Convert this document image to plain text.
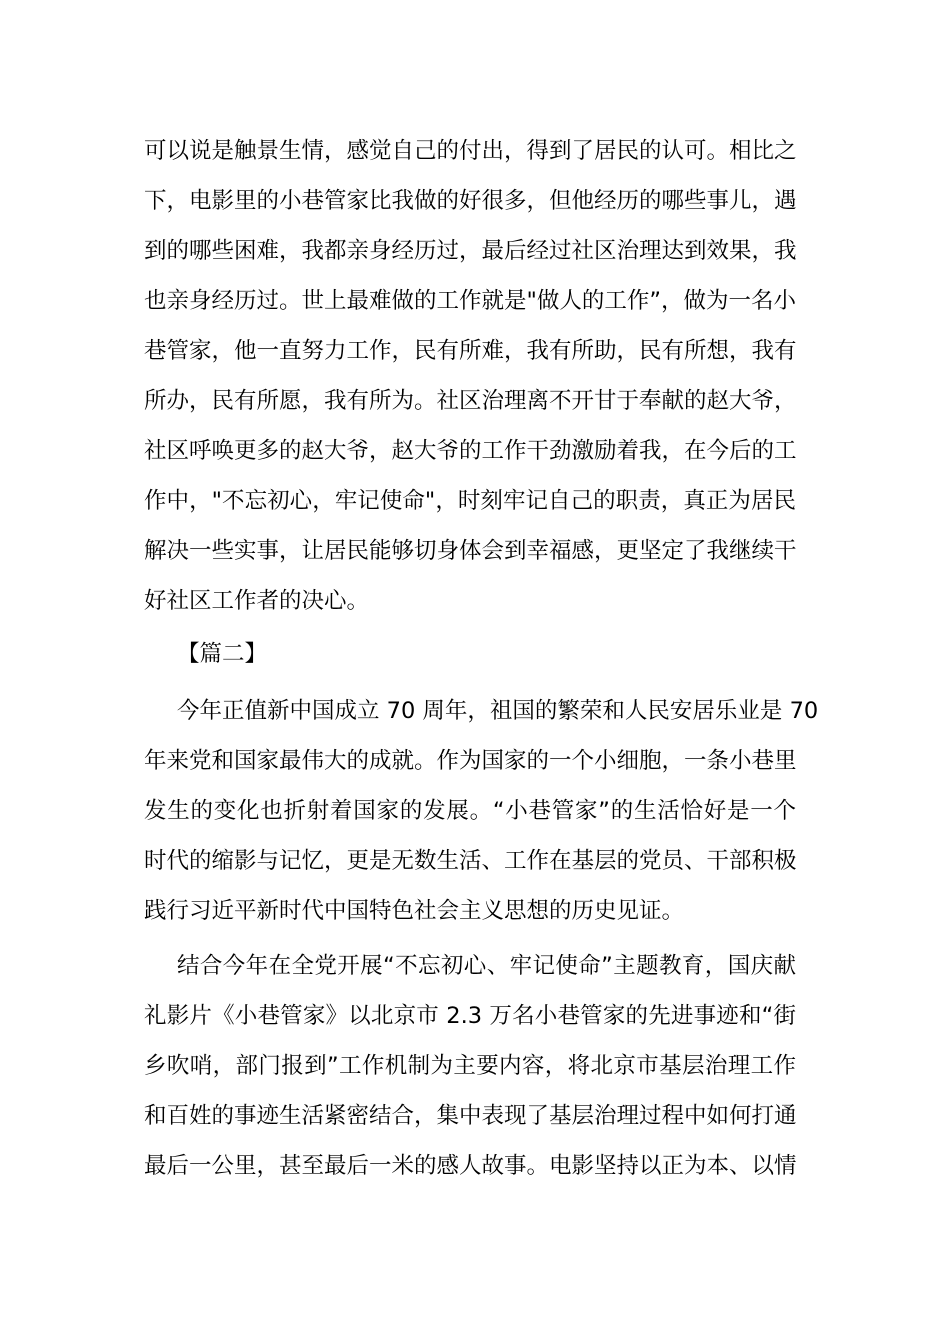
可以说是触景生情，感觉自己的付出，得到了居民的认可。相比之
下，电影里的小巷管家比我做的好很多，但他经历的哪些事儿，遇
到的哪些困难，我都亲身经历过，最后经过社区治理达到效果，我
也亲身经历过。世上最难做的工作就是"做人的工作”，做为一名小
巷管家，他一直努力工作，民有所难，我有所助，民有所想，我有
所办，民有所愿，我有所为。社区治理离不开甘于奉献的赵大爷，
社区呼唤更多的赵大爷，赵大爷的工作干劲激励着我，在今后的工
作中，"不忘初心，牢记使命"，时刻牢记自己的职责，真正为居民
解决一些实事，让居民能够切身体会到幸福感，更坚定了我继续干
好社区工作者的决心。
【篇二】
今年正值新中国成立 70 周年，祖国的繁荣和人民安居乐业是 70
年来党和国家最伟大的成就。作为国家的一个小细胞，一条小巷里
发生的变化也折射着国家的发展。“小巷管家”的生活恰好是一个
时代的缩影与记忆，更是无数生活、工作在基层的党员、干部积极
践行习近平新时代中国特色社会主义思想的历史见证。
结合今年在全党开展“不忘初心、牢记使命”主题教育，国庆献
礼影片《小巷管家》以北京市 2.3 万名小巷管家的先进事迹和“街
乡吹哨，部门报到”工作机制为主要内容，将北京市基层治理工作
和百姓的事迹生活紧密结合，集中表现了基层治理过程中如何打通
最后一公里，甚至最后一米的感人故事。电影坚持以正为本、以情
